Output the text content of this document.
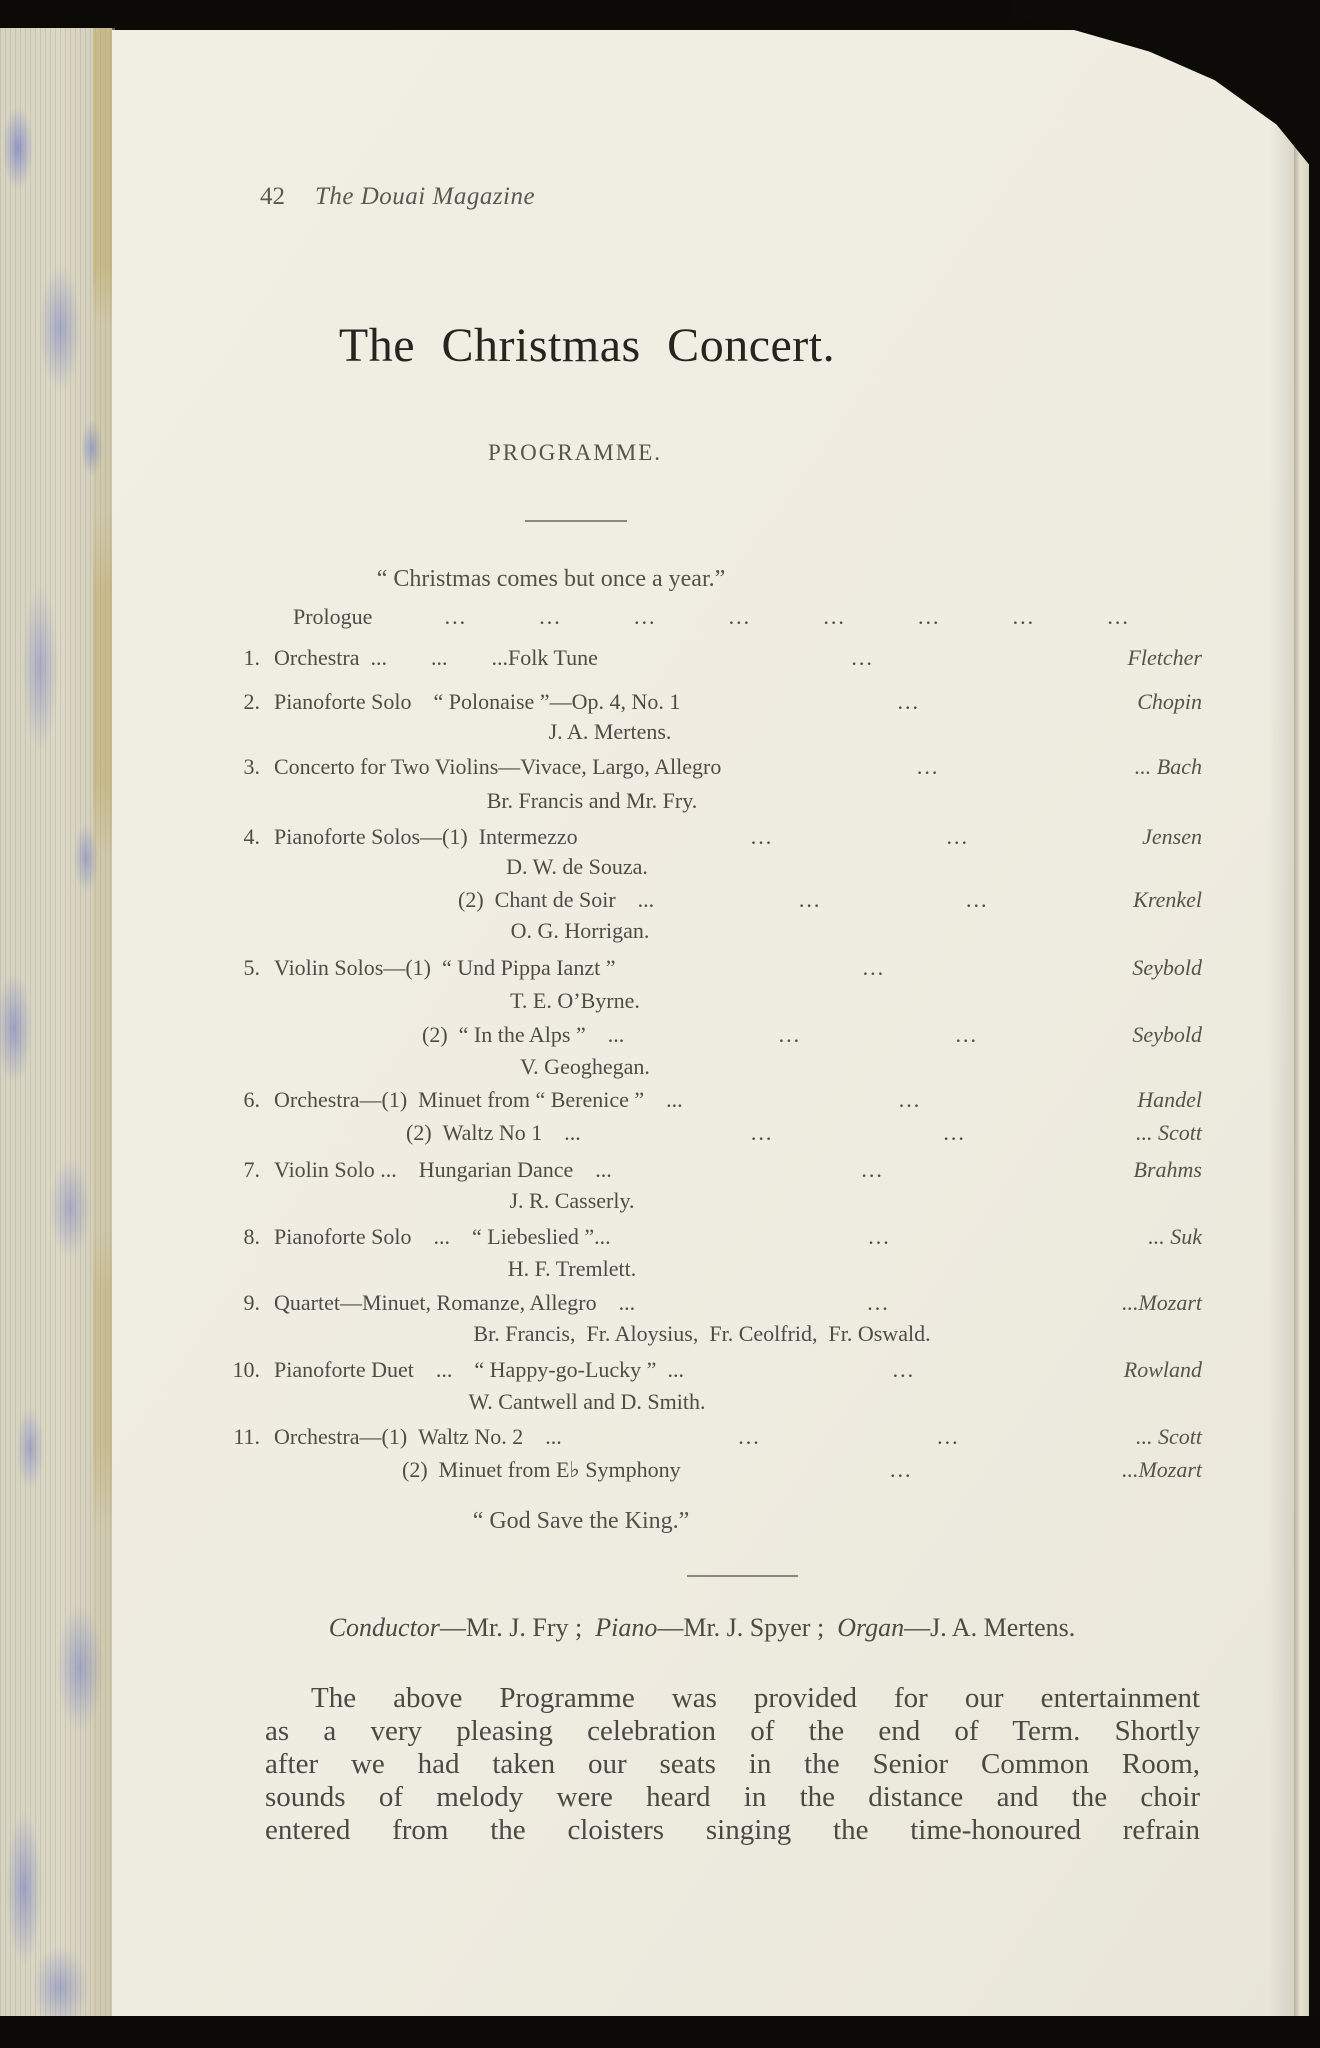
42 The Douai Magazine
The Christmas Concert.
PROGRAMME.
“ Christmas comes but once a year.”
Prologue	...	...	...	...	...	...	...	...
1. Orchestra ...  ...  ...Folk Tune	...	Fletcher
2. Pianoforte Solo “ Polonaise ”—Op. 4, No. 1	...	Chopin
J. A. Mertens.
3. Concerto for Two Violins—Vivace, Largo, Allegro	...	... Bach
Br. Francis and Mr. Fry.
4. Pianoforte Solos—(1) Intermezzo	...	...	Jensen
D. W. de Souza.
(2) Chant de Soir ...	...	...	Krenkel
O. G. Horrigan.
5. Violin Solos—(1) “ Und Pippa Ianzt ”	...	Seybold
T. E. O’Byrne.
(2) “ In the Alps ” ...	...	...	Seybold
V. Geoghegan.
6. Orchestra—(1) Minuet from “ Berenice ” ...	...	Handel
(2) Waltz No 1 ...	...	...	... Scott
7. Violin Solo ... Hungarian Dance ...	...	Brahms
J. R. Casserly.
8. Pianoforte Solo ... “ Liebeslied ”...	...	... Suk
H. F. Tremlett.
9. Quartet—Minuet, Romanze, Allegro ...	...	...Mozart
Br. Francis,  Fr. Aloysius,  Fr. Ceolfrid,  Fr. Oswald.
10. Pianoforte Duet ... “ Happy-go-Lucky ” ...	...	Rowland
W. Cantwell and D. Smith.
11. Orchestra—(1) Waltz No. 2 ...	...	...	... Scott
(2) Minuet from E♭ Symphony	...	...Mozart
“ God Save the King.”
Conductor—Mr. J. Fry ;  Piano—Mr. J. Spyer ;  Organ—J. A. Mertens.
The above Programme was provided for our entertainment
as a very pleasing celebration of the end of Term. Shortly
after we had taken our seats in the Senior Common Room,
sounds of melody were heard in the distance and the choir
entered from the cloisters singing the time-honoured refrain
